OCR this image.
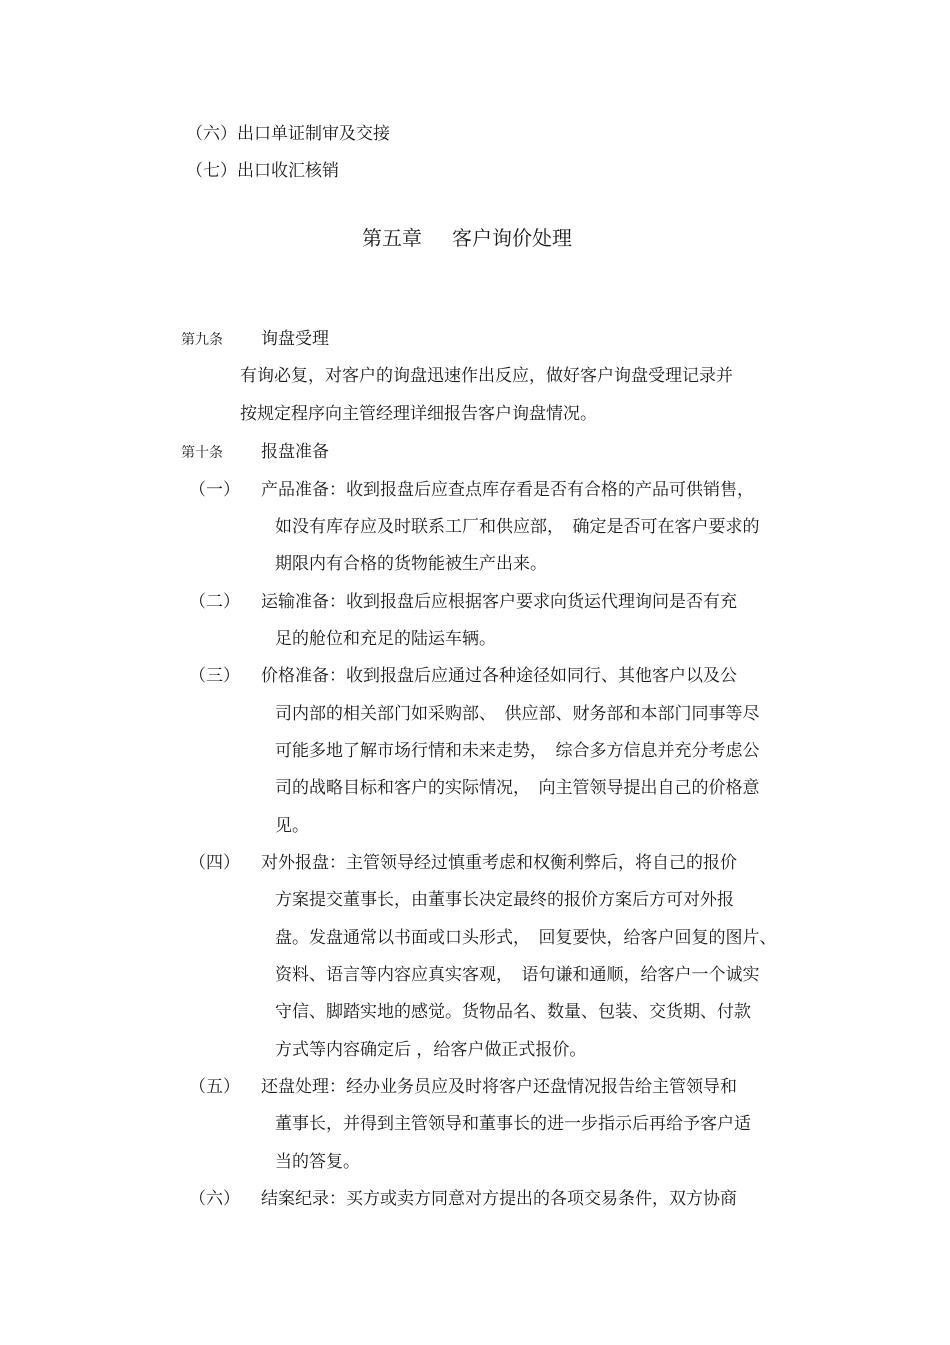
（六）出口单证制审及交接
（七）出口收汇核销
第五章 客户询价处理
第九条 询盘受理
有询必复，对客户的询盘迅速作出反应，做好客户询盘受理记录并
按规定程序向主管经理详细报告客户询盘情况。
第十条 报盘准备
（一） 产品准备：收到报盘后应查点库存看是否有合格的产品可供销售，
如没有库存应及时联系工厂和供应部，　确定是否可在客户要求的
期限内有合格的货物能被生产出来。
（二） 运输准备：收到报盘后应根据客户要求向货运代理询问是否有充
足的舱位和充足的陆运车辆。
（三） 价格准备：收到报盘后应通过各种途径如同行、其他客户以及公
司内部的相关部门如采购部、　供应部、财务部和本部门同事等尽
可能多地了解市场行情和未来走势，　综合多方信息并充分考虑公
司的战略目标和客户的实际情况，　向主管领导提出自己的价格意
见。
（四） 对外报盘：主管领导经过慎重考虑和权衡利弊后，将自己的报价
方案提交董事长，由董事长决定最终的报价方案后方可对外报
盘。发盘通常以书面或口头形式，　回复要快，给客户回复的图片、
资料、语言等内容应真实客观，　语句谦和通顺，给客户一个诚实
守信、脚踏实地的感觉。货物品名、数量、包装、交货期、付款
方式等内容确定后 ，给客户做正式报价。
（五） 还盘处理：经办业务员应及时将客户还盘情况报告给主管领导和
董事长，并得到主管领导和董事长的进一步指示后再给予客户适
当的答复。
（六） 结案纪录：买方或卖方同意对方提出的各项交易条件，双方协商
